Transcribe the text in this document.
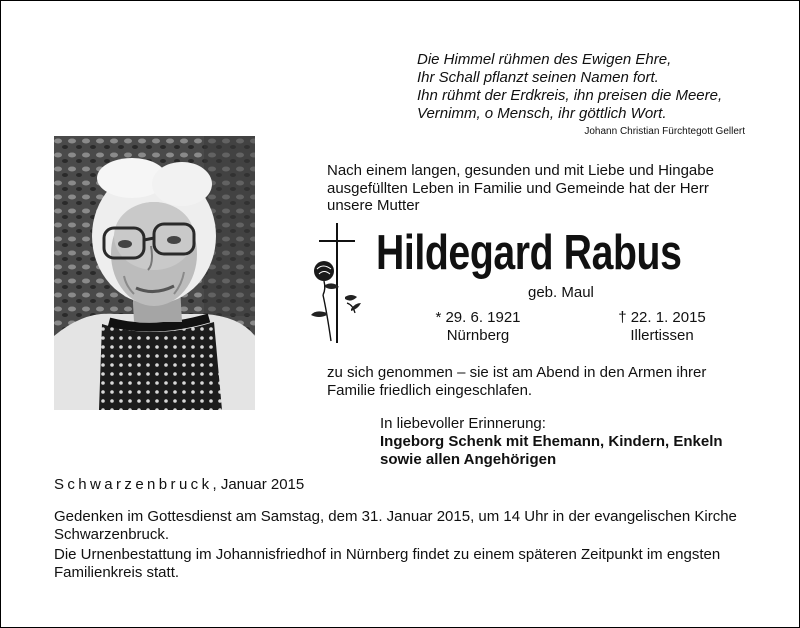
Die Himmel rühmen des Ewigen Ehre,
Ihr Schall pflanzt seinen Namen fort.
Ihn rühmt der Erdkreis, ihn preisen die Meere,
Vernimm, o Mensch, ihr göttlich Wort.
Johann Christian Fürchtegott Gellert
Nach einem langen, gesunden und mit Liebe und Hingabe ausgefüllten Leben in Familie und Gemeinde hat der Herr unsere Mutter
Hildegard Rabus
geb. Maul
* 29. 6. 1921
Nürnberg
† 22. 1. 2015
Illertissen
zu sich genommen – sie ist am Abend in den Armen ihrer Familie friedlich eingeschlafen.
In liebevoller Erinnerung:
Ingeborg Schenk mit Ehemann, Kindern, Enkeln
sowie allen Angehörigen
Schwarzenbruck, Januar 2015
Gedenken im Gottesdienst am Samstag, dem 31. Januar 2015, um 14 Uhr in der evangelischen Kirche Schwarzenbruck.
Die Urnenbestattung im Johannisfriedhof in Nürnberg findet zu einem späteren Zeitpunkt im engsten Familienkreis statt.
